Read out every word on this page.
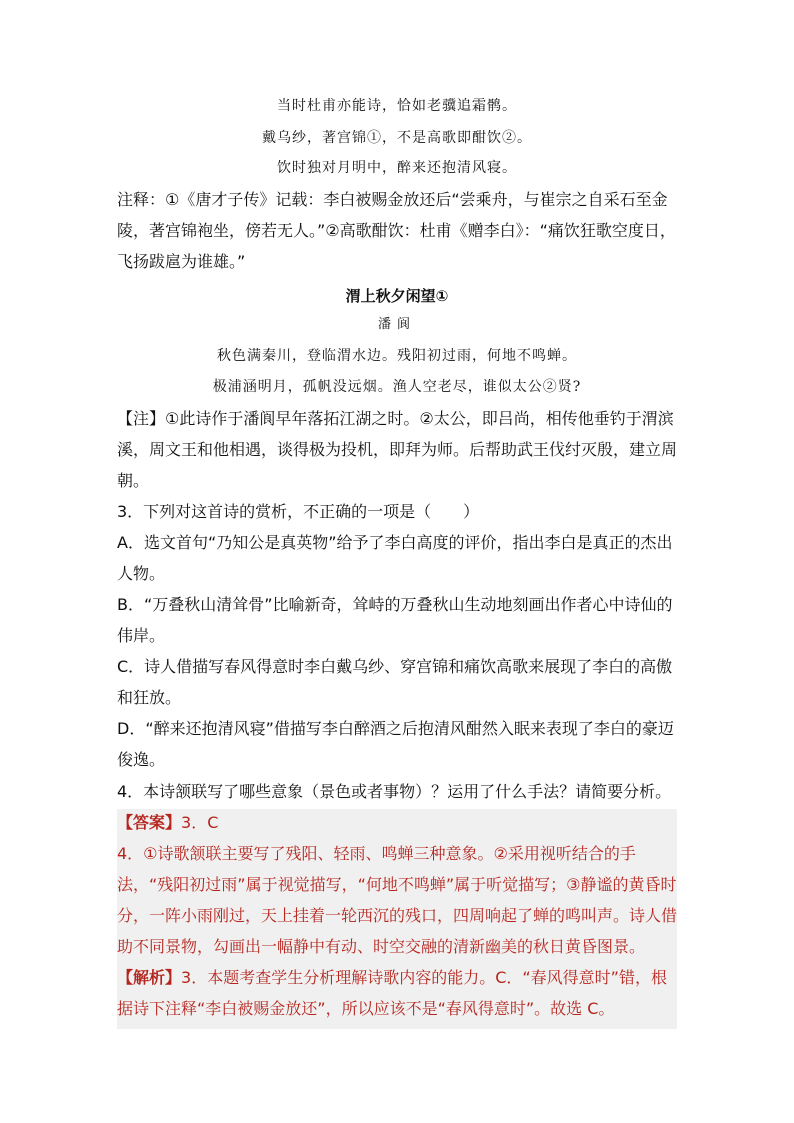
当时杜甫亦能诗，恰如老骥追霜鹘。
戴乌纱，著宫锦①，不是高歌即酣饮②。
饮时独对月明中，醉来还抱清风寝。

注释：①《唐才子传》记载：李白被赐金放还后“尝乘舟，与崔宗之自采石至金陵，著宫锦袍坐，傍若无人。”②高歌酣饮：杜甫《赠李白》：“痛饮狂歌空度日，飞扬跋扈为谁雄。”

渭上秋夕闲望①
潘阆
秋色满秦川，登临渭水边。残阳初过雨，何地不鸣蝉。
极浦涵明月，孤帆没远烟。渔人空老尽，谁似太公②贤?

【注】①此诗作于潘阆早年落拓江湖之时。②太公，即吕尚，相传他垂钓于渭滨溪，周文王和他相遇，谈得极为投机，即拜为师。后帮助武王伐纣灭殷，建立周朝。

3．下列对这首诗的赏析，不正确的一项是（　　）

A．选文首句“乃知公是真英物”给予了李白高度的评价，指出李白是真正的杰出人物。

B．“万叠秋山清耸骨”比喻新奇，耸峙的万叠秋山生动地刻画出作者心中诗仙的伟岸。

C．诗人借描写春风得意时李白戴乌纱、穿宫锦和痛饮高歌来展现了李白的高傲和狂放。

D．“醉来还抱清风寝”借描写李白醉酒之后抱清风酣然入眠来表现了李白的豪迈俊逸。

4．本诗颔联写了哪些意象（景色或者事物）？运用了什么手法？请简要分析。

【答案】3．C

4．①诗歌颔联主要写了残阳、轻雨、鸣蝉三种意象。②采用视听结合的手法，“残阳初过雨”属于视觉描写，“何地不鸣蝉”属于听觉描写；③静谧的黄昏时分，一阵小雨刚过，天上挂着一轮西沉的残口，四周响起了蝉的鸣叫声。诗人借助不同景物，勾画出一幅静中有动、时空交融的清新幽美的秋日黄昏图景。

【解析】3．本题考查学生分析理解诗歌内容的能力。C．“春风得意时”错，根据诗下注释“李白被赐金放还”，所以应该不是“春风得意时”。故选 C。
